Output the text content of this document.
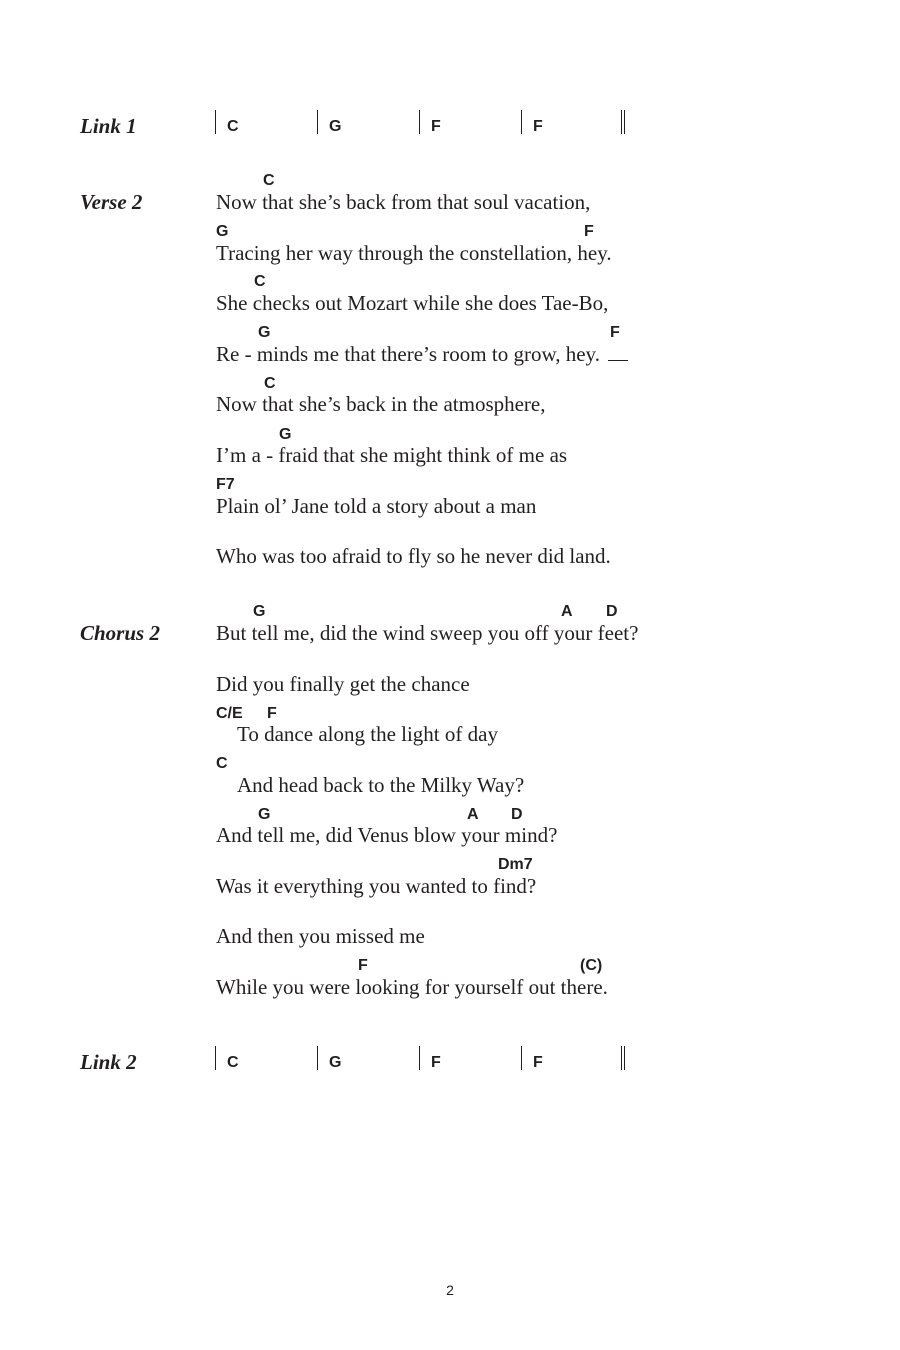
Link 1	C	G	F	F
Verse 2
C
Now that she’s back from that soul vacation,
G	F
Tracing her way through the constellation, hey.
C
She checks out Mozart while she does Tae-Bo,
G	F
Re - minds me that there’s room to grow, hey.
C
Now that she’s back in the atmosphere,
G
I’m a - fraid that she might think of me as
F7
Plain ol’ Jane told a story about a man
Who was too afraid to fly so he never did land.
Chorus 2
G	A D
But tell me, did the wind sweep you off your feet?
Did you finally get the chance
C/E F
To dance along the light of day
C
And head back to the Milky Way?
G	A D
And tell me, did Venus blow your mind?
Dm7
Was it everything you wanted to find?
And then you missed me
F	(C)
While you were looking for yourself out there.
Link 2	C	G	F	F
2
